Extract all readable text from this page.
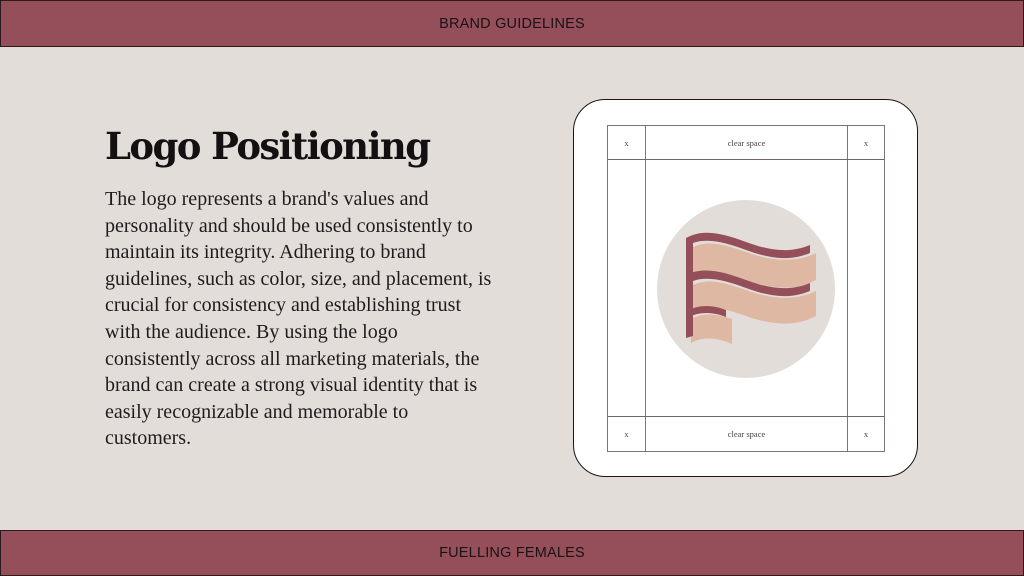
BRAND GUIDELINES
Logo Positioning

The logo represents a brand's values and personality and should be used consistently to maintain its integrity. Adhering to brand guidelines, such as color, size, and placement, is crucial for consistency and establishing trust with the audience. By using the logo consistently across all marketing materials, the brand can create a strong visual identity that is easily recognizable and memorable to customers.

x	clear space	x
x	clear space	x
FUELLING FEMALES
